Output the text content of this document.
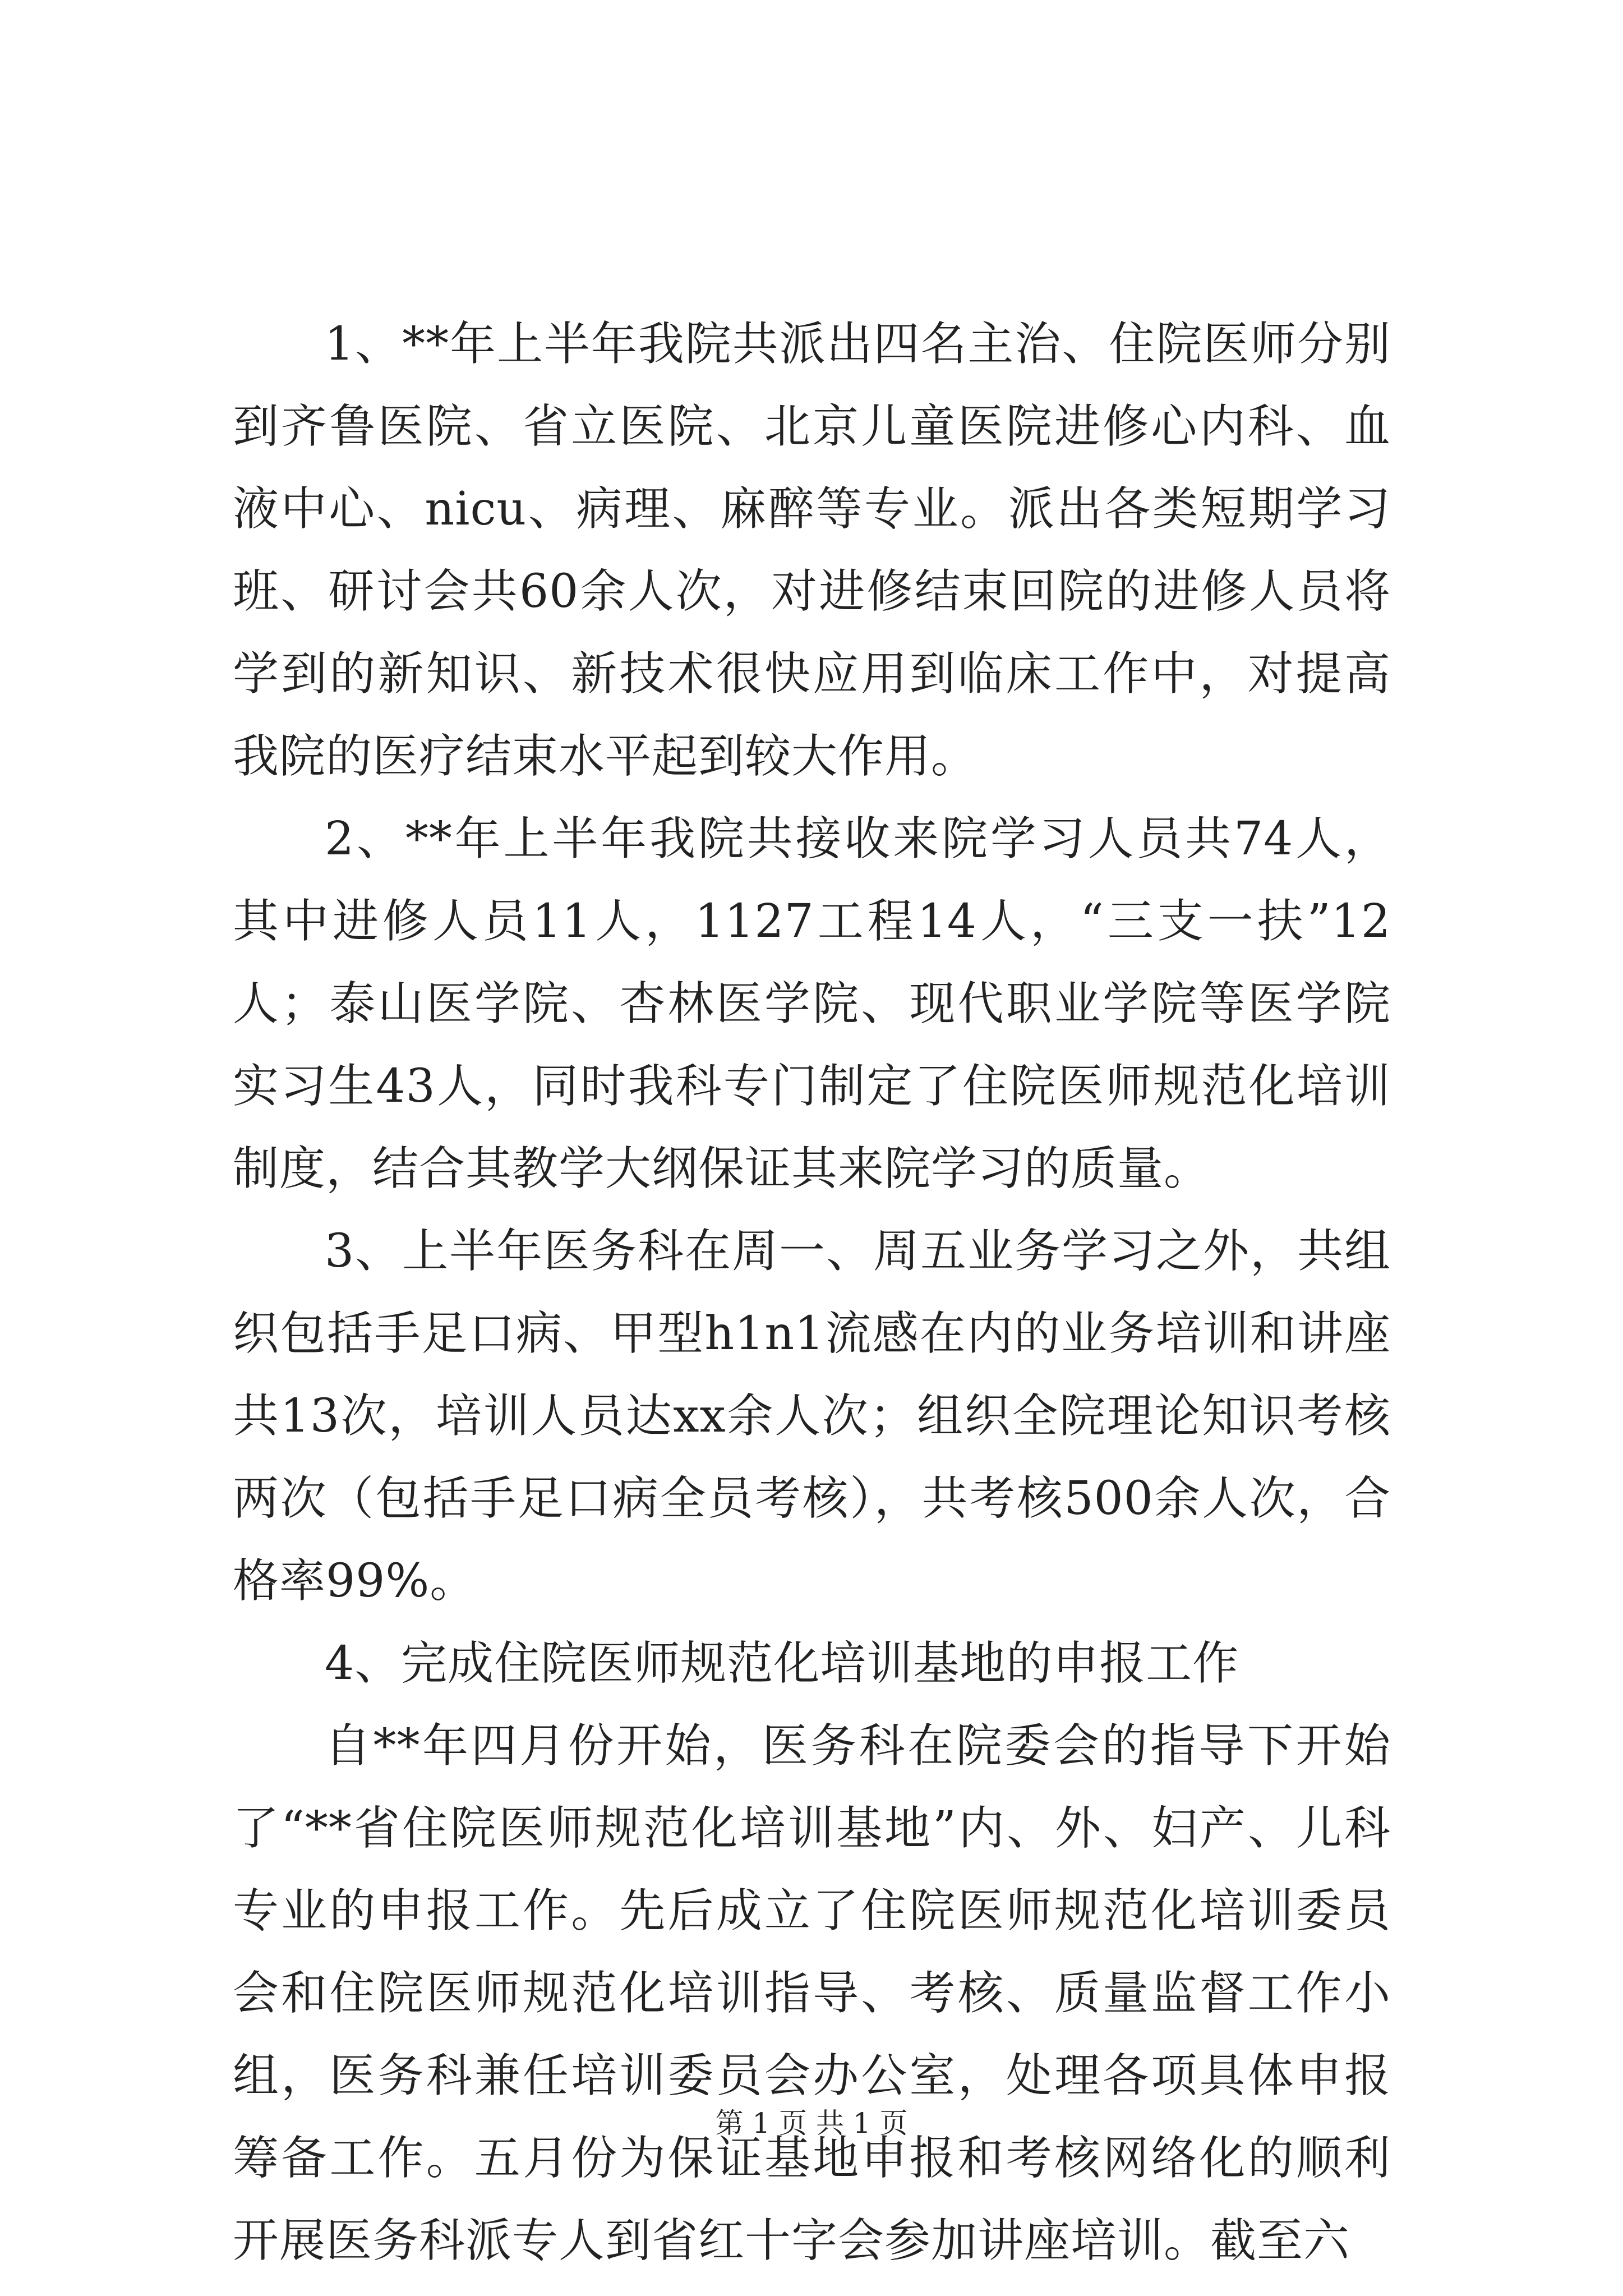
1、**年上半年我院共派出四名主治、住院医师分别到齐鲁医院、省立医院、北京儿童医院进修心内科、血液中心、nicu、病理、麻醉等专业。派出各类短期学习班、研讨会共60余人次，对进修结束回院的进修人员将学到的新知识、新技术很快应用到临床工作中，对提高我院的医疗结束水平起到较大作用。

2、**年上半年我院共接收来院学习人员共74人，其中进修人员11人，1127工程14人，“三支一扶”12人；泰山医学院、杏林医学院、现代职业学院等医学院实习生43人，同时我科专门制定了住院医师规范化培训制度，结合其教学大纲保证其来院学习的质量。

3、上半年医务科在周一、周五业务学习之外，共组织包括手足口病、甲型h1n1流感在内的业务培训和讲座共13次，培训人员达xx余人次；组织全院理论知识考核两次（包括手足口病全员考核），共考核500余人次，合格率99%。

4、完成住院医师规范化培训基地的申报工作

自**年四月份开始，医务科在院委会的指导下开始了“**省住院医师规范化培训基地”内、外、妇产、儿科专业的申报工作。先后成立了住院医师规范化培训委员会和住院医师规范化培训指导、考核、质量监督工作小组，医务科兼任培训委员会办公室，处理各项具体申报筹备工作。五月份为保证基地申报和考核网络化的顺利开展医务科派专人到省红十字会参加讲座培训。截至六

第 1 页 共 1 页
